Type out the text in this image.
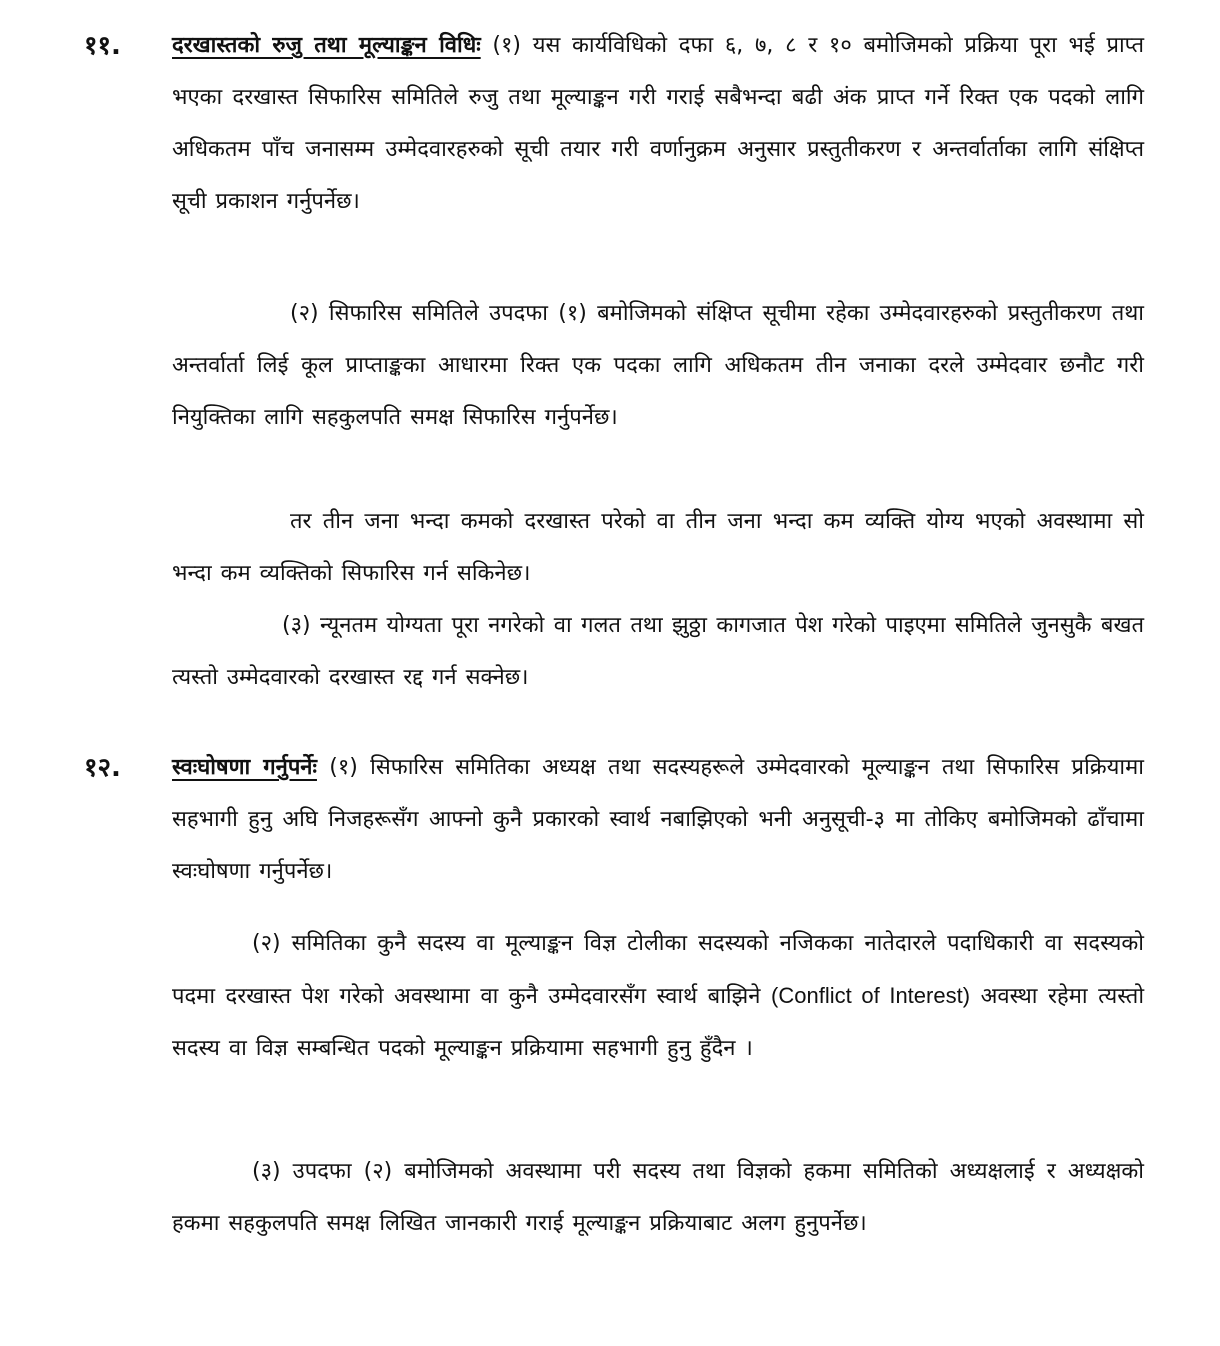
११. दरखास्तको रुजु तथा मूल्याङ्कन विधिः (१) यस कार्यविधिको दफा ६, ७, ८ र १० बमोजिमको प्रक्रिया पूरा भई प्राप्त भएका दरखास्त सिफारिस समितिले रुजु तथा मूल्याङ्कन गरी गराई सबैभन्दा बढी अंक प्राप्त गर्ने रिक्त एक पदको लागि अधिकतम पाँच जनासम्म उम्मेदवारहरुको सूची तयार गरी वर्णानुक्रम अनुसार प्रस्तुतीकरण र अन्तर्वार्ताका लागि संक्षिप्त सूची प्रकाशन गर्नुपर्नेछ।

(२) सिफारिस समितिले उपदफा (१) बमोजिमको संक्षिप्त सूचीमा रहेका उम्मेदवारहरुको प्रस्तुतीकरण तथा अन्तर्वार्ता लिई कूल प्राप्ताङ्कका आधारमा रिक्त एक पदका लागि अधिकतम तीन जनाका दरले उम्मेदवार छनौट गरी नियुक्तिका लागि सहकुलपति समक्ष सिफारिस गर्नुपर्नेछ।

तर तीन जना भन्दा कमको दरखास्त परेको वा तीन जना भन्दा कम व्यक्ति योग्य भएको अवस्थामा सो भन्दा कम व्यक्तिको सिफारिस गर्न सकिनेछ।

(३) न्यूनतम योग्यता पूरा नगरेको वा गलत तथा झुठ्ठा कागजात पेश गरेको पाइएमा समितिले जुनसुकै बखत त्यस्तो उम्मेदवारको दरखास्त रद्द गर्न सक्नेछ।

१२. स्वःघोषणा गर्नुपर्नेः (१) सिफारिस समितिका अध्यक्ष तथा सदस्यहरूले उम्मेदवारको मूल्याङ्कन तथा सिफारिस प्रक्रियामा सहभागी हुनु अघि निजहरूसँग आफ्नो कुनै प्रकारको स्वार्थ नबाझिएको भनी अनुसूची-३ मा तोकिए बमोजिमको ढाँचामा स्वःघोषणा गर्नुपर्नेछ।

(२) समितिका कुनै सदस्य वा मूल्याङ्कन विज्ञ टोलीका सदस्यको नजिकका नातेदारले पदाधिकारी वा सदस्यको पदमा दरखास्त पेश गरेको अवस्थामा वा कुनै उम्मेदवारसँग स्वार्थ बाझिने (Conflict of Interest) अवस्था रहेमा त्यस्तो सदस्य वा विज्ञ सम्बन्धित पदको मूल्याङ्कन प्रक्रियामा सहभागी हुनु हुँदैन ।

(३) उपदफा (२) बमोजिमको अवस्थामा परी सदस्य तथा विज्ञको हकमा समितिको अध्यक्षलाई र अध्यक्षको हकमा सहकुलपति समक्ष लिखित जानकारी गराई मूल्याङ्कन प्रक्रियाबाट अलग हुनुपर्नेछ।
